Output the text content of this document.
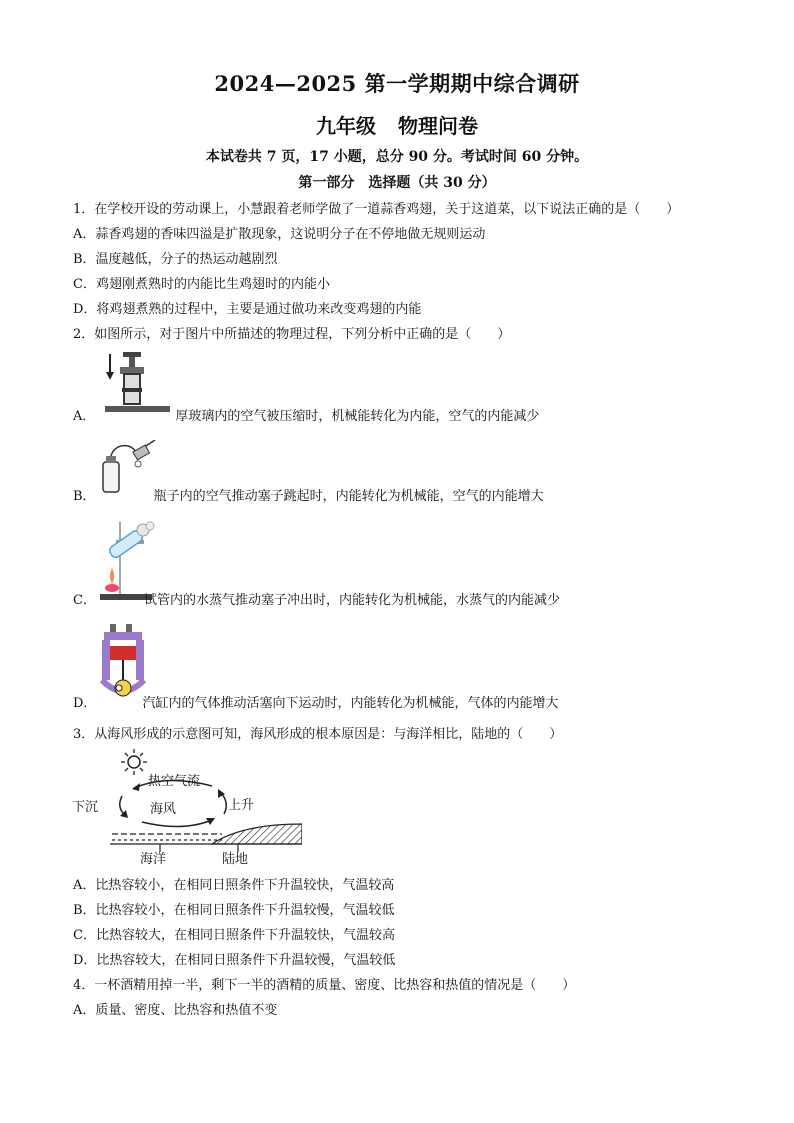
2024—2025 第一学期期中综合调研
九年级 物理问卷
本试卷共 7 页，17 小题，总分 90 分。考试时间 60 分钟。
第一部分　选择题（共 30 分）
1．在学校开设的劳动课上，小慧跟着老师学做了一道蒜香鸡翅，关于这道菜，以下说法正确的是（　　）
A．蒜香鸡翅的香味四溢是扩散现象，这说明分子在不停地做无规则运动
B．温度越低，分子的热运动越剧烈
C．鸡翅刚煮熟时的内能比生鸡翅时的内能小
D．将鸡翅煮熟的过程中，主要是通过做功来改变鸡翅的内能
2．如图所示，对于图片中所描述的物理过程，下列分析中正确的是（　　）
A．	厚玻璃内的空气被压缩时，机械能转化为内能，空气的内能减少
B．	瓶子内的空气推动塞子跳起时，内能转化为机械能，空气的内能增大
C．	试管内的水蒸气推动塞子冲出时，内能转化为机械能，水蒸气的内能减少
D．	汽缸内的气体推动活塞向下运动时，内能转化为机械能，气体的内能增大
3．从海风形成的示意图可知，海风形成的根本原因是：与海洋相比，陆地的（　　）
热空气流
下沉	海风	上升
海洋	陆地
A．比热容较小，在相同日照条件下升温较快，气温较高
B．比热容较小，在相同日照条件下升温较慢，气温较低
C．比热容较大，在相同日照条件下升温较快，气温较高
D．比热容较大，在相同日照条件下升温较慢，气温较低
4．一杯酒精用掉一半，剩下一半的酒精的质量、密度、比热容和热值的情况是（　　）
A．质量、密度、比热容和热值不变
